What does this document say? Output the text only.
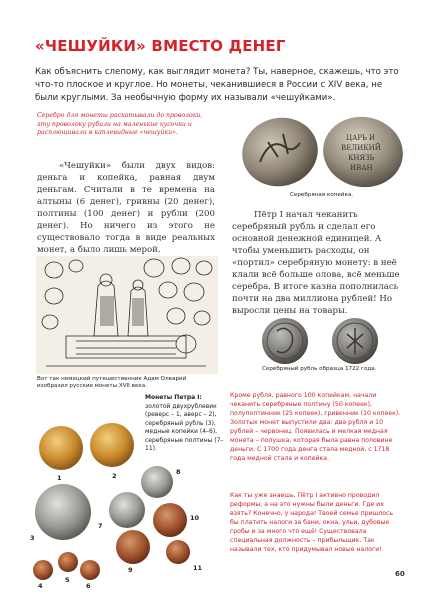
«ЧЕШУЙКИ» ВМЕСТО ДЕНЕГ
Как объяснить слепому, как выглядит монета? Ты, наверное, скажешь, что это что-то плоское и круглое. Но монеты, чеканившиеся в России с XIV века, не были круглыми. За необычную форму их называли «чешуйками».
Серебро для монеты раскатывали до проволоки, эту проволоку рубили на маленькие кусочки и расплющивали в каплевидные «чешуйки».
«Чешуйки» были двух видов: деньга и копейка, равная двум деньгам. Считали в те времена на алтыны (6 денег), гривны (20 денег), полтины (100 денег) и рубли (200 денег). Но ничего из этого не существовало тогда в виде реальных монет, а было лишь мерой.
ЦАРЬ И
ВЕЛИКИЙ
КНЯЗЬ
ИВАН
Серебряная копейка.
Пётр I начал чеканить серебряный рубль и сделал его основной денежной единицей. А чтобы уменьшить расходы, он «портил» серебряную монету: в неё клали всё больше олова, всё меньше серебра. В итоге казна пополнилась почти на два миллиона рублей! Но выросли цены на товары.
Вот так немецкий путешественник Адам Олеарий изобразил русские монеты XVII века.
Серебряный рубль образца 1722 года.
Монеты Петра I:
золотой двухрублевик (реверс – 1, аверс – 2), серебряный рубль (3), медные копейки (4–6), серебряные полтины (7–11).
1	2
3
4
5
6
7
8
9
10
11
Кроме рубля, равного 100 копейкам, начали чеканить серебряные полтину (50 копеек), полуполтинник (25 копеек), гривенник (10 копеек). Золотых монет выпустили два: два рубля и 10 рублей – червонец. Появилась и мелкая медная монета – полушка, которая была равна половине деньги. С 1700 года денга стала медной, с 1718 года медной стала и копейка.
Как ты уже знаешь, Пётр I активно проводил реформы, а на это нужны были деньги. Где их взять? Конечно, у народа! Твоей семье пришлось бы платить налоги за бани, окна, ульи, дубовые гробы и за много что ещё! Существовала специальная должность – прибыльщик. Так называли тех, кто придумывал новые налоги!
60
